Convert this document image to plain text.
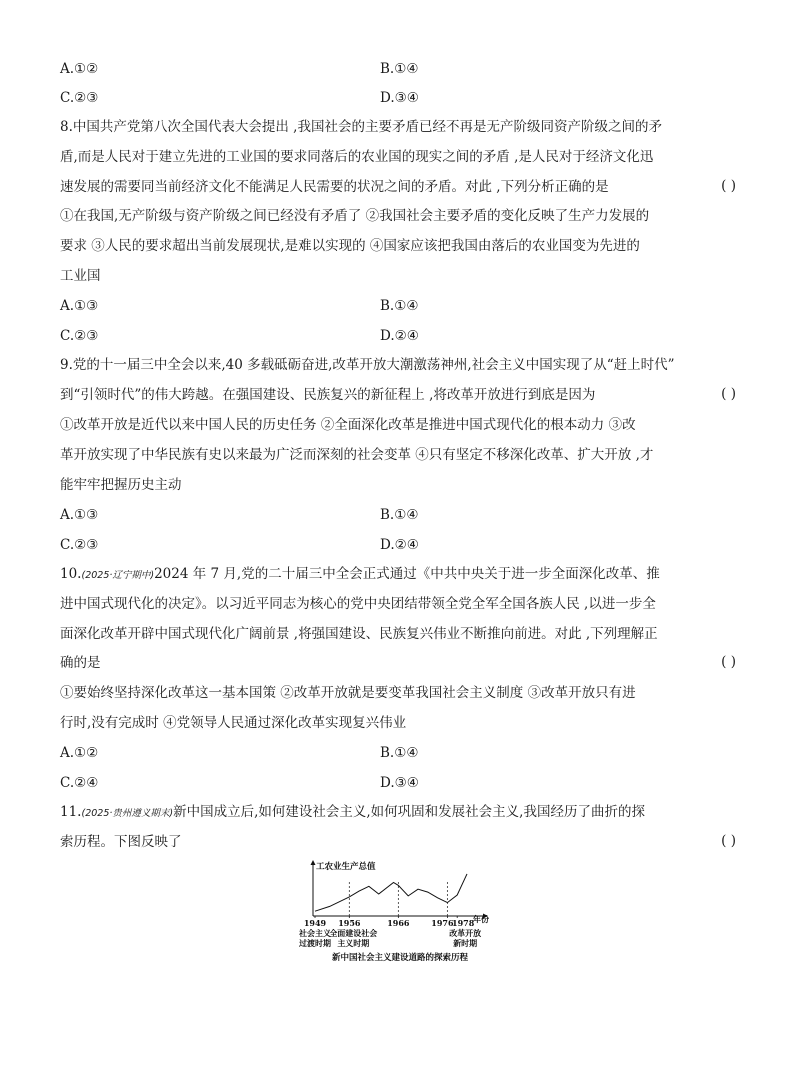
A.①②	B.①④
C.②③	D.③④
8.中国共产党第八次全国代表大会提出 ,我国社会的主要矛盾已经不再是无产阶级同资产阶级之间的矛
盾,而是人民对于建立先进的工业国的要求同落后的农业国的现实之间的矛盾 ,是人民对于经济文化迅
速发展的需要同当前经济文化不能满足人民需要的状况之间的矛盾。对此 ,下列分析正确的是	( )
①在我国,无产阶级与资产阶级之间已经没有矛盾了 ②我国社会主要矛盾的变化反映了生产力发展的
要求 ③人民的要求超出当前发展现状,是难以实现的 ④国家应该把我国由落后的农业国变为先进的
工业国
A.①③	B.①④
C.②③	D.②④
9.党的十一届三中全会以来,40 多载砥砺奋进,改革开放大潮激荡神州,社会主义中国实现了从“赶上时代”
到“引领时代”的伟大跨越。在强国建设、民族复兴的新征程上 ,将改革开放进行到底是因为	( )
①改革开放是近代以来中国人民的历史任务 ②全面深化改革是推进中国式现代化的根本动力 ③改
革开放实现了中华民族有史以来最为广泛而深刻的社会变革 ④只有坚定不移深化改革、扩大开放 ,才
能牢牢把握历史主动
A.①③	B.①④
C.②③	D.②④
10.(2025·辽宁期中)2024 年 7 月,党的二十届三中全会正式通过《中共中央关于进一步全面深化改革、推
进中国式现代化的决定》。以习近平同志为核心的党中央团结带领全党全军全国各族人民 ,以进一步全
面深化改革开辟中国式现代化广阔前景 ,将强国建设、民族复兴伟业不断推向前进。对此 ,下列理解正
确的是	( )
①要始终坚持深化改革这一基本国策 ②改革开放就是要变革我国社会主义制度 ③改革开放只有进
行时,没有完成时 ④党领导人民通过深化改革实现复兴伟业
A.①②	B.①④
C.②④	D.③④
11.(2025·贵州遵义期末)新中国成立后,如何建设社会主义,如何巩固和发展社会主义,我国经历了曲折的探
索历程。下图反映了	( )
工农业生产总值
年份
1949 1956	1966	1976
1978
社会主义
过渡时期
全面建设社会
主义时期
改革开放
新时期
新中国社会主义建设道路的探索历程
